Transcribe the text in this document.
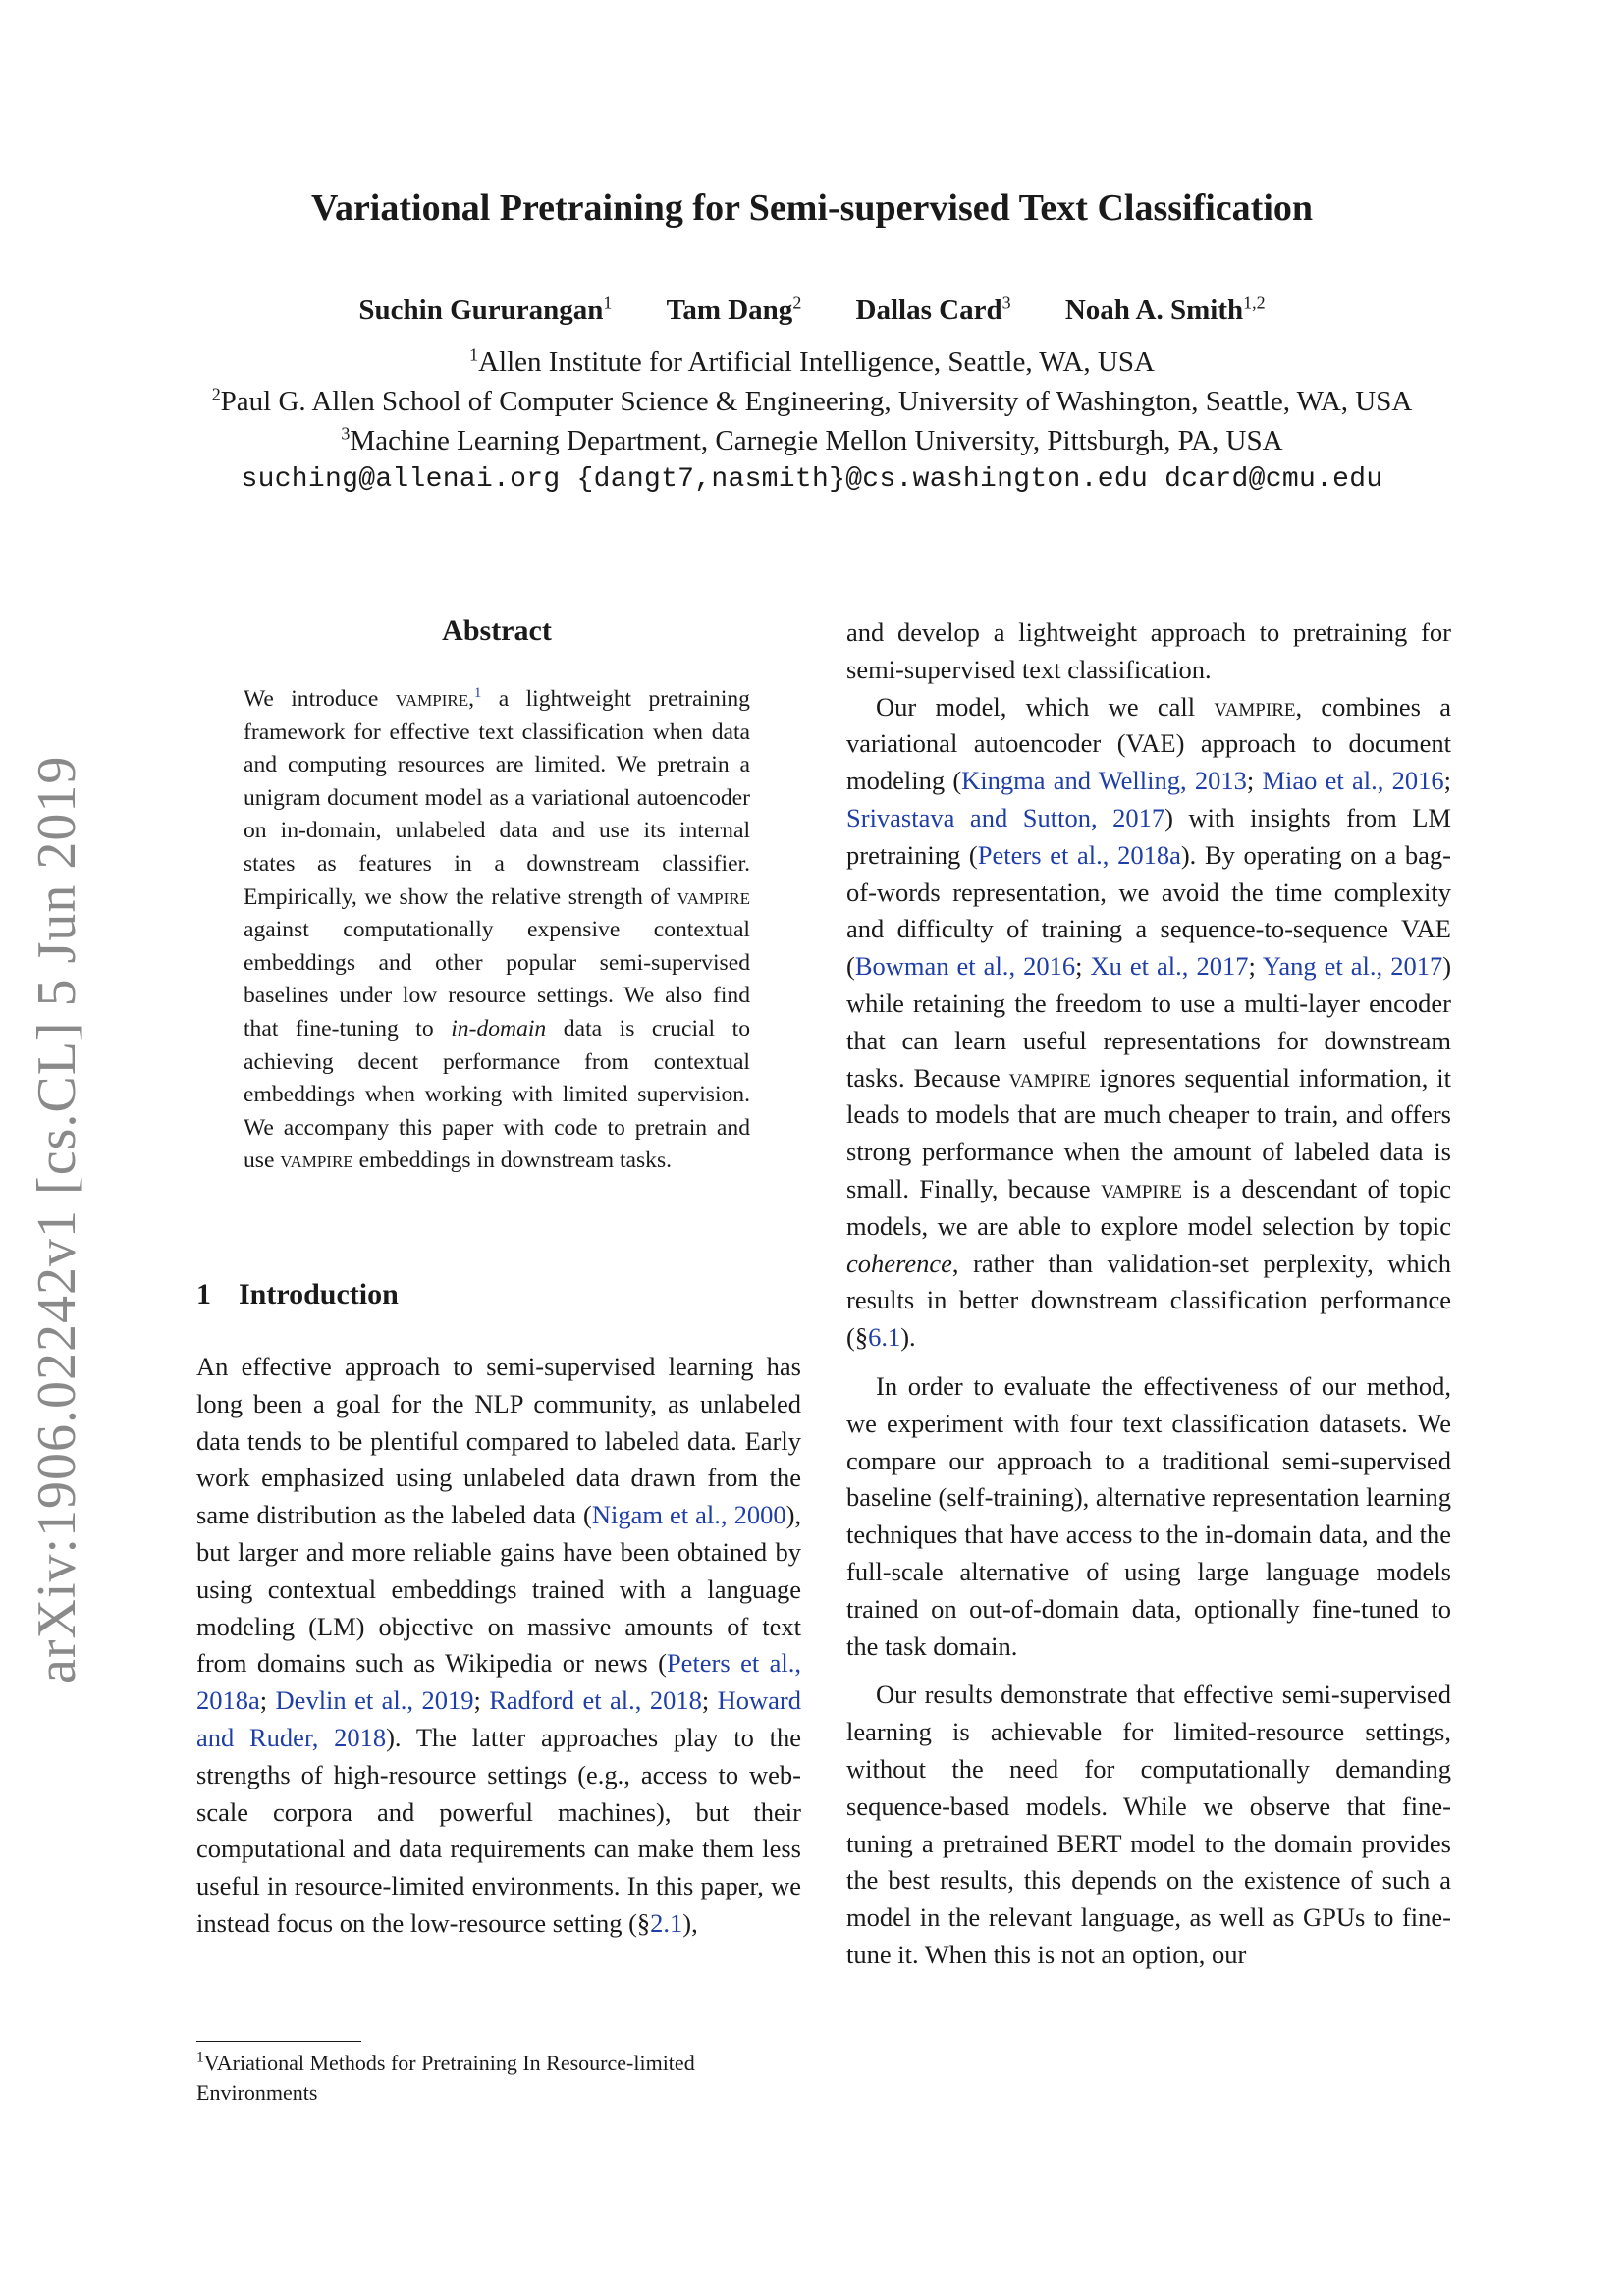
arXiv:1906.02242v1 [cs.CL] 5 Jun 2019
Variational Pretraining for Semi-supervised Text Classification
Suchin Gururangan$^1$ Tam Dang$^2$ Dallas Card$^3$ Noah A. Smith$^{1,2}$
$^1$Allen Institute for Artificial Intelligence, Seattle, WA, USA
$^2$Paul G. Allen School of Computer Science & Engineering, University of Washington, Seattle, WA, USA
$^3$Machine Learning Department, Carnegie Mellon University, Pittsburgh, PA, USA
suching@allenai.org {dangt7,nasmith}@cs.washington.edu dcard@cmu.edu
Abstract

We introduce vampire,$^1$ a lightweight pretraining framework for effective text classification when data and computing resources are limited. We pretrain a unigram document model as a variational autoencoder on in-domain, unlabeled data and use its internal states as features in a downstream classifier. Empirically, we show the relative strength of vampire against computationally expensive contextual embeddings and other popular semi-supervised baselines under low resource settings. We also find that fine-tuning to in-domain data is crucial to achieving decent performance from contextual embeddings when working with limited supervision. We accompany this paper with code to pretrain and use vampire embeddings in downstream tasks.

1 Introduction

An effective approach to semi-supervised learning has long been a goal for the NLP community, as unlabeled data tends to be plentiful compared to labeled data. Early work emphasized using unlabeled data drawn from the same distribution as the labeled data (Nigam et al., 2000), but larger and more reliable gains have been obtained by using contextual embeddings trained with a language modeling (LM) objective on massive amounts of text from domains such as Wikipedia or news (Peters et al., 2018a; Devlin et al., 2019; Radford et al., 2018; Howard and Ruder, 2018). The latter approaches play to the strengths of high-resource settings (e.g., access to web-scale corpora and powerful machines), but their computational and data requirements can make them less useful in resource-limited environments. In this paper, we instead focus on the low-resource setting (§2.1),

and develop a lightweight approach to pretraining for semi-supervised text classification.

Our model, which we call vampire, combines a variational autoencoder (VAE) approach to document modeling (Kingma and Welling, 2013; Miao et al., 2016; Srivastava and Sutton, 2017) with insights from LM pretraining (Peters et al., 2018a). By operating on a bag-of-words representation, we avoid the time complexity and difficulty of training a sequence-to-sequence VAE (Bowman et al., 2016; Xu et al., 2017; Yang et al., 2017) while retaining the freedom to use a multi-layer encoder that can learn useful representations for downstream tasks. Because vampire ignores sequential information, it leads to models that are much cheaper to train, and offers strong performance when the amount of labeled data is small. Finally, because vampire is a descendant of topic models, we are able to explore model selection by topic coherence, rather than validation-set perplexity, which results in better downstream classification performance (§6.1).

In order to evaluate the effectiveness of our method, we experiment with four text classification datasets. We compare our approach to a traditional semi-supervised baseline (self-training), alternative representation learning techniques that have access to the in-domain data, and the full-scale alternative of using large language models trained on out-of-domain data, optionally fine-tuned to the task domain.

Our results demonstrate that effective semi-supervised learning is achievable for limited-resource settings, without the need for computationally demanding sequence-based models. While we observe that fine-tuning a pretrained BERT model to the domain provides the best results, this depends on the existence of such a model in the relevant language, as well as GPUs to fine-tune it. When this is not an option, our

$^1$VAriational Methods for Pretraining In Resource-limited Environments
